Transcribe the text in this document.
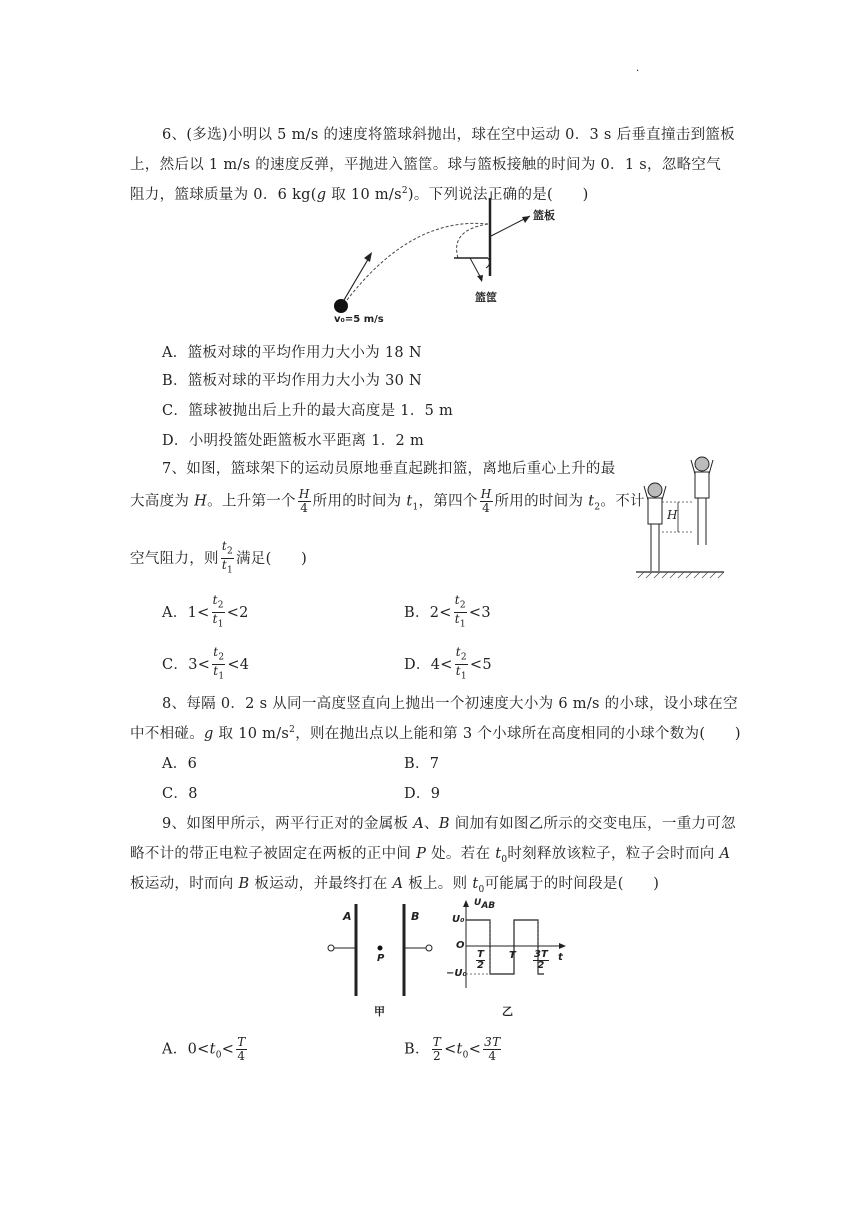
·
6、(多选)小明以 5 m/s 的速度将篮球斜抛出，球在空中运动 0．3 s 后垂直撞击到篮板
上，然后以 1 m/s 的速度反弹，平抛进入篮筐。球与篮板接触的时间为 0．1 s，忽略空气
阻力，篮球质量为 0．6 kg(g 取 10 $m/s^2$)。下列说法正确的是(　　)
篮板
篮筐
v₀=5 m/s
A．篮板对球的平均作用力大小为 18 N
B．篮板对球的平均作用力大小为 30 N
C．篮球被抛出后上升的最大高度是 1．5 m
D．小明投篮处距篮板水平距离 1．2 m
7、如图，篮球架下的运动员原地垂直起跳扣篮，离地后重心上升的最
大高度为 H。上升第一个 $\frac{H}{4}$ 所用的时间为 $t_1$，第四个 $\frac{H}{4}$ 所用的时间为 $t_2$。不计
空气阻力，则 $\frac{t_2}{t_1}$ 满足(　　)
H
A．$1< \frac{t_2}{t_1} <2$	B．$2< \frac{t_2}{t_1} <3$
C．$3< \frac{t_2}{t_1} <4$	D．$4< \frac{t_2}{t_1} <5$
8、每隔 0．2 s 从同一高度竖直向上抛出一个初速度大小为 6 m/s 的小球，设小球在空
中不相碰。g 取 10 $m/s^2$，则在抛出点以上能和第 3 个小球所在高度相同的小球个数为(　　)
A．6	B．7
C．8	D．9
9、如图甲所示，两平行正对的金属板 A、B 间加有如图乙所示的交变电压，一重力可忽
略不计的带正电粒子被固定在两板的正中间 P 处。若在 $t_0$时刻释放该粒子，粒子会时而向 A
板运动，时而向 B 板运动，并最终打在 A 板上。则 $t_0$可能属于的时间段是(　　)
A	B
P
甲
$U_{AB}$
U₀
O
−U₀
$\frac{T}{2}$ T $\frac{3T}{2}$ t
乙
A．$0<t_0< \frac{T}{4}$	B． $\frac{T}{2} <t_0< \frac{3T}{4}$
